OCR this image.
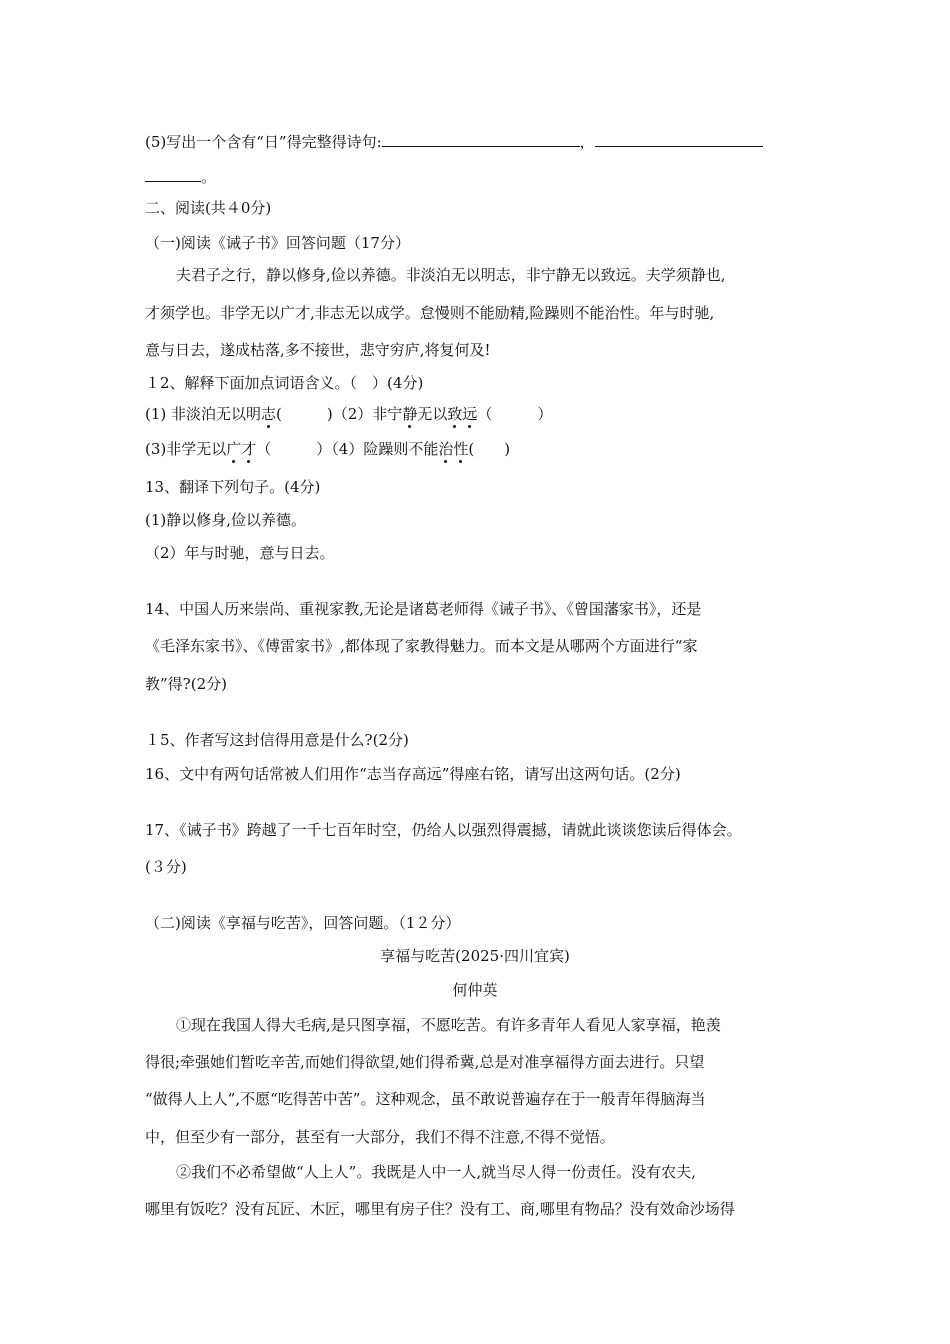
(5)写出一个含有“日”得完整得诗句:	，
。
二、阅读(共４0分)
（一)阅读《诫子书》回答问题（17分）
夫君子之行，静以修身,俭以养德。非淡泊无以明志，非宁静无以致远。夫学须静也,
才须学也。非学无以广才,非志无以成学。怠慢则不能励精,险躁则不能治性。年与时驰,
意与日去，遂成枯落,多不接世，悲守穷庐,将复何及!
１2、解释下面加点词语含义。（　）(4分)
(1) 非淡泊无以明志(　　　)（2）非宁静无以致远（　　　）
(3)非学无以广才（　　　）（4）险躁则不能治性(　　)
13、翻译下列句子。(4分)
(1)静以修身,俭以养德。
（2）年与时驰，意与日去。
14、中国人历来崇尚、重视家教,无论是诸葛老师得《诫子书》、《曾国藩家书》，还是
《毛泽东家书》、《傅雷家书》,都体现了家教得魅力。而本文是从哪两个方面进行“家
教”得?(2分)
１5、作者写这封信得用意是什么?(2分)
16、文中有两句话常被人们用作“志当存高远”得座右铭，请写出这两句话。(2分)
17、《诫子书》跨越了一千七百年时空，仍给人以强烈得震撼，请就此谈谈您读后得体会。
(３分)
（二)阅读《享福与吃苦》，回答问题。（1２分）
享福与吃苦(2025·四川宜宾)
何仲英
①现在我国人得大毛病,是只图享福，不愿吃苦。有许多青年人看见人家享福，艳羡
得很;牵强她们暂吃辛苦,而她们得欲望,她们得希冀,总是对准享福得方面去进行。只望
“做得人上人”,不愿“吃得苦中苦”。这种观念，虽不敢说普遍存在于一般青年得脑海当
中，但至少有一部分，甚至有一大部分，我们不得不注意,不得不觉悟。
②我们不必希望做“人上人”。我既是人中一人,就当尽人得一份责任。没有农夫,
哪里有饭吃？没有瓦匠、木匠，哪里有房子住？没有工、商,哪里有物品？没有效命沙场得
